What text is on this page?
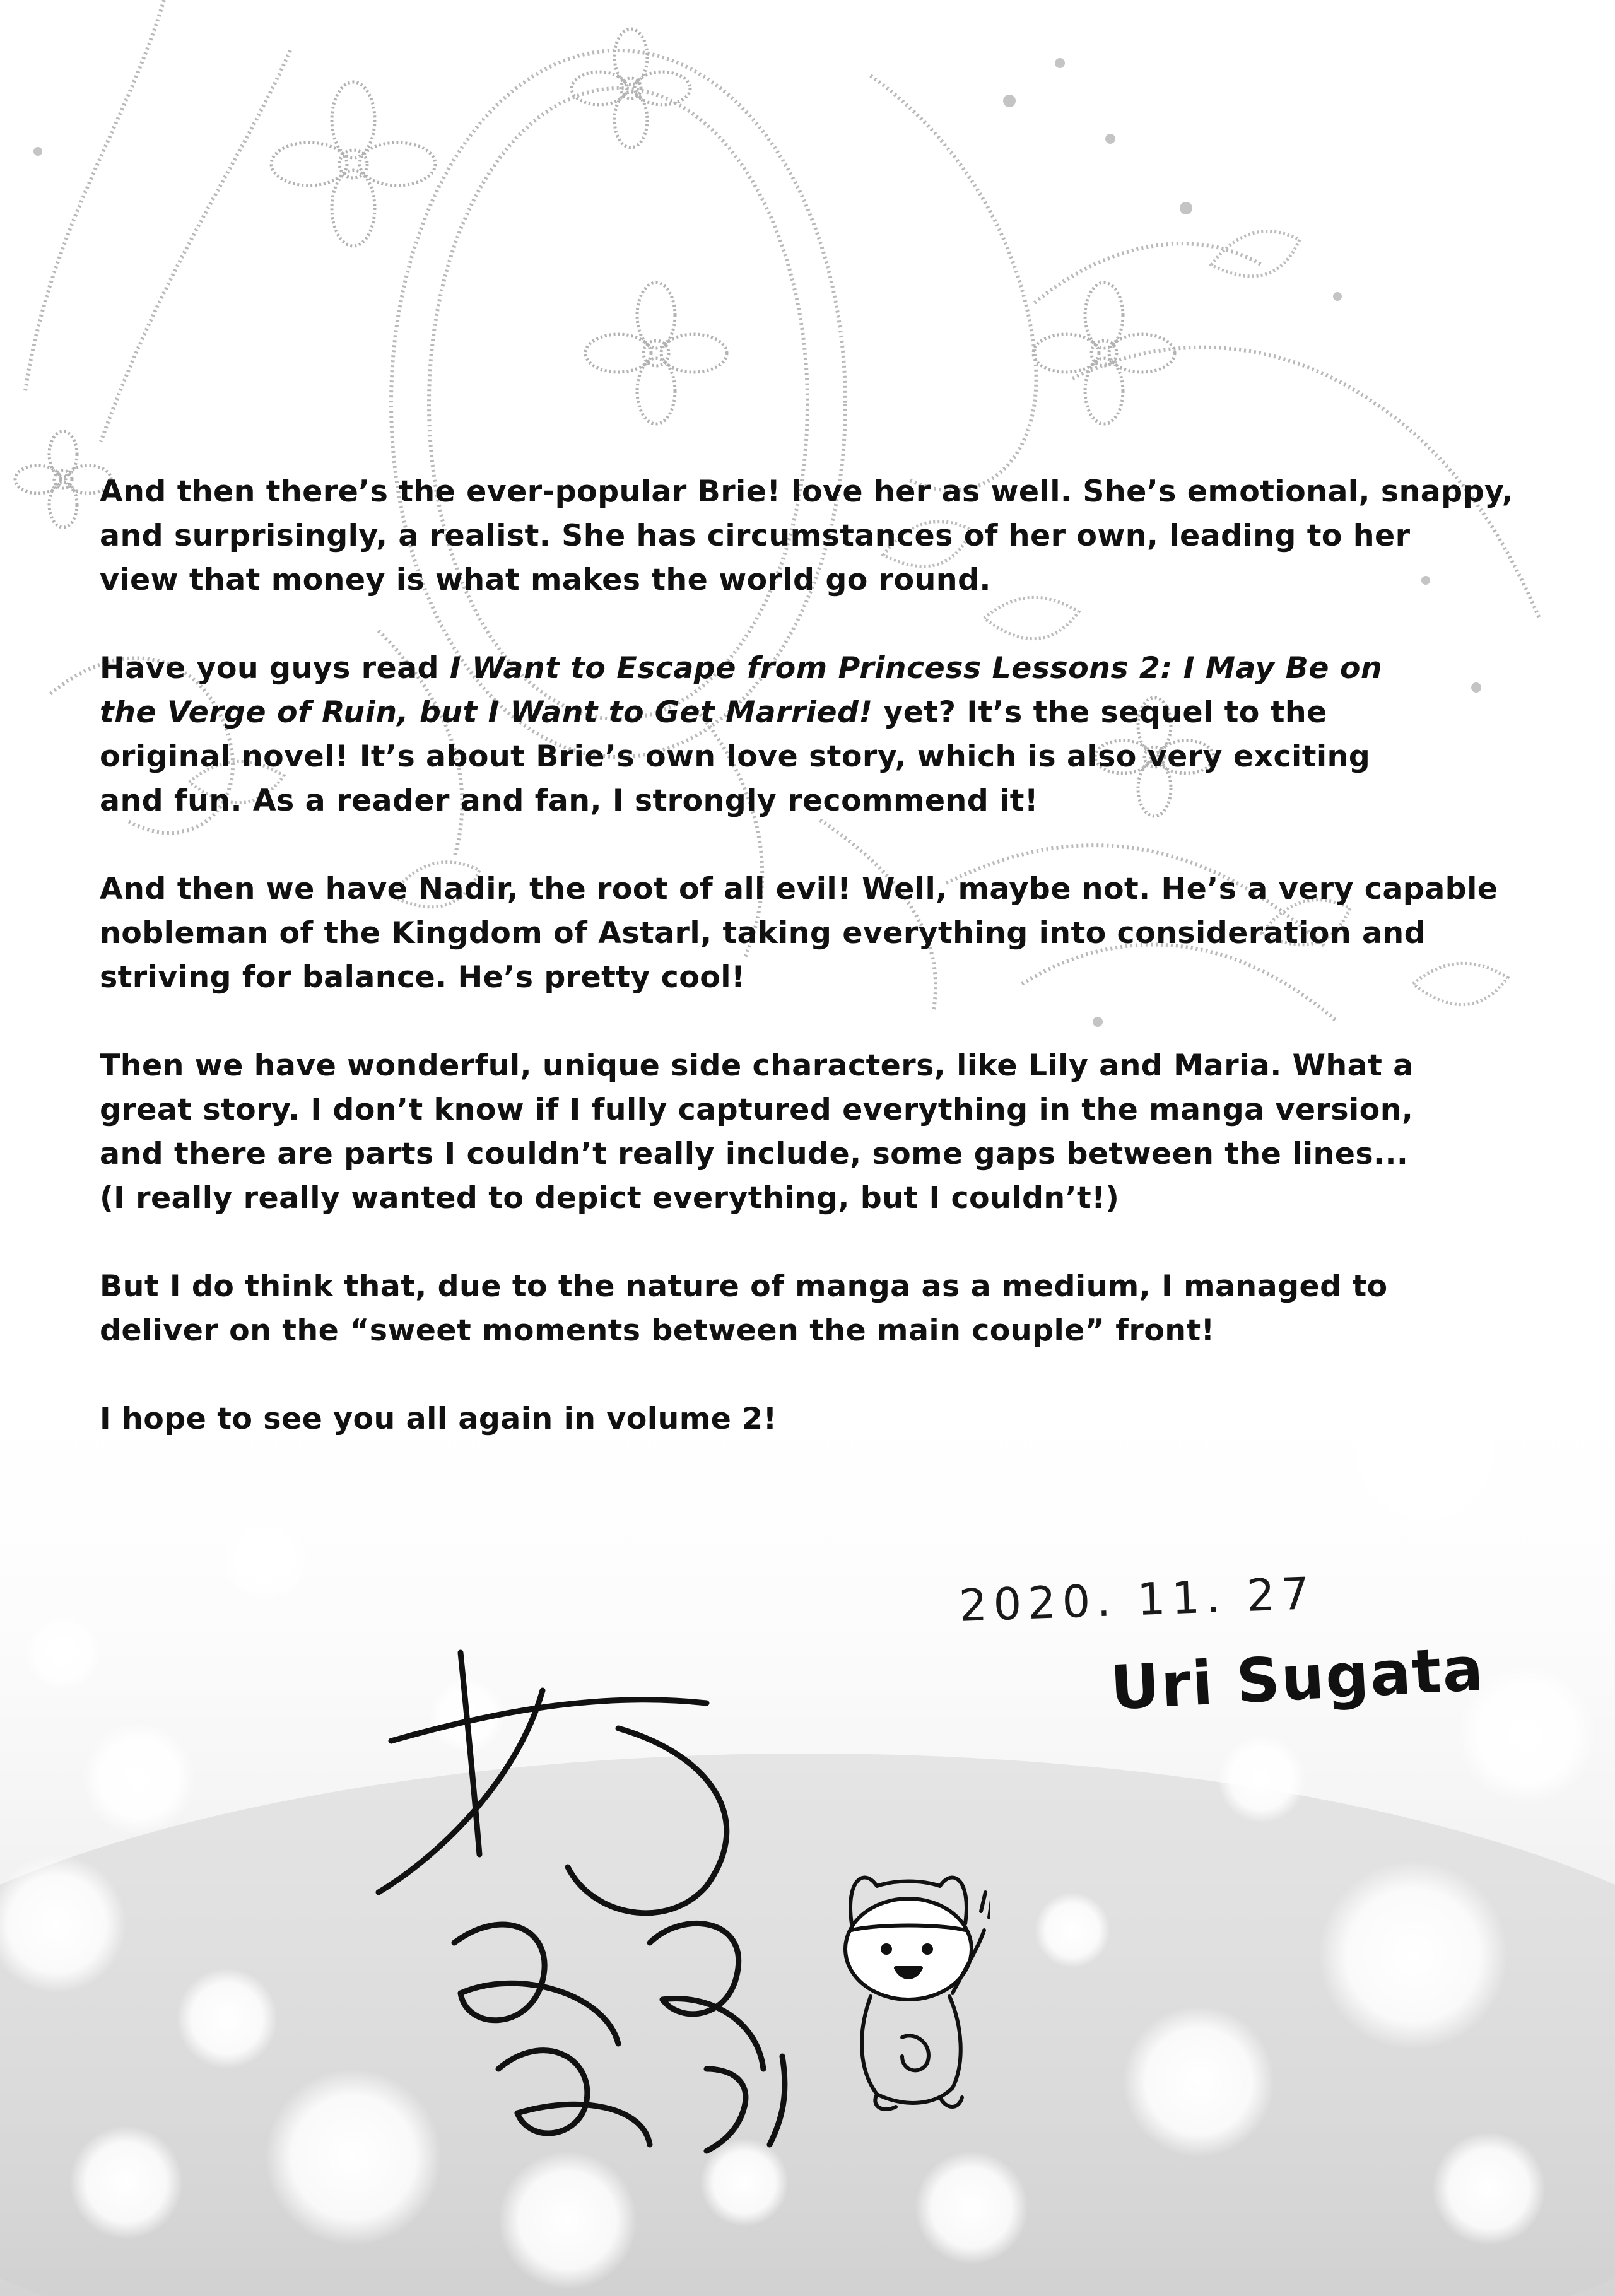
And then there’s the ever-popular Brie! love her as well. She’s emotional, snappy,
and surprisingly, a realist. She has circumstances of her own, leading to her
view that money is what makes the world go round.

Have you guys read I Want to Escape from Princess Lessons 2: I May Be on
the Verge of Ruin, but I Want to Get Married! yet? It’s the sequel to the
original novel! It’s about Brie’s own love story, which is also very exciting
and fun. As a reader and fan, I strongly recommend it!

And then we have Nadir, the root of all evil! Well, maybe not. He’s a very capable
nobleman of the Kingdom of Astarl, taking everything into consideration and
striving for balance. He’s pretty cool!

Then we have wonderful, unique side characters, like Lily and Maria. What a
great story. I don’t know if I fully captured everything in the manga version,
and there are parts I couldn’t really include, some gaps between the lines...
(I really really wanted to depict everything, but I couldn’t!)

But I do think that, due to the nature of manga as a medium, I managed to
deliver on the “sweet moments between the main couple” front!

I hope to see you all again in volume 2!

2020. 11. 27
Uri Sugata
